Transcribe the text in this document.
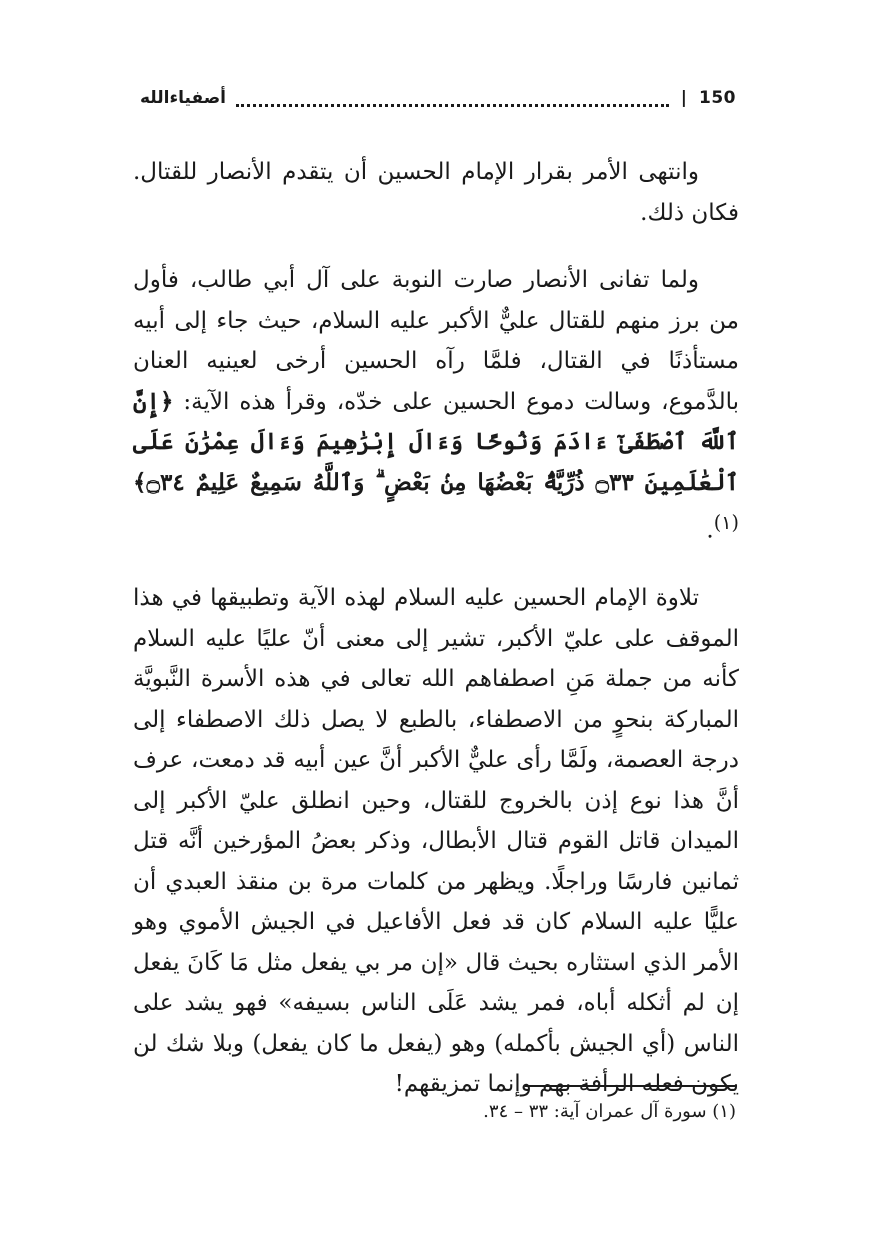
150
|
أصفياءالله

وانتهى الأمر بقرار الإمام الحسين أن يتقدم الأنصار للقتال. فكان ذلك.

ولما تفانى الأنصار صارت النوبة على آل أبي طالب، فأول من برز منهم للقتال عليٌّ الأكبر عليه السلام، حيث جاء إلى أبيه مستأذنًا في القتال، فلمَّا رآه الحسين أرخى لعينيه العنان بالدَّموع، وسالت دموع الحسين على خدّه، وقرأ هذه الآية: ﴿إِنَّ ٱللَّهَ ٱصْطَفَىٰٓ ءَادَمَ وَنُوحًا وَءَالَ إِبْرَٰهِيمَ وَءَالَ عِمْرَٰنَ عَلَى ٱلْعَٰلَمِينَ ۝٣٣ ذُرِّيَّةًۢ بَعْضُهَا مِنۢ بَعْضٍ ۗ وَٱللَّهُ سَمِيعٌ عَلِيمٌ ۝٣٤﴾$^{(١)}$.

تلاوة الإمام الحسين عليه السلام لهذه الآية وتطبيقها في هذا الموقف على عليّ الأكبر، تشير إلى معنى أنّ عليًا عليه السلام كأنه من جملة مَنِ اصطفاهم الله تعالى في هذه الأسرة النَّبويَّة المباركة بنحوٍ من الاصطفاء، بالطبع لا يصل ذلك الاصطفاء إلى درجة العصمة، ولَمَّا رأى عليٌّ الأكبر أنَّ عين أبيه قد دمعت، عرف أنَّ هذا نوع إذن بالخروج للقتال، وحين انطلق عليّ الأكبر إلى الميدان قاتل القوم قتال الأبطال، وذكر بعضُ المؤرخين أنَّه قتل ثمانين فارسًا وراجلًا. ويظهر من كلمات مرة بن منقذ العبدي أن عليًّا عليه السلام كان قد فعل الأفاعيل في الجيش الأموي وهو الأمر الذي استثاره بحيث قال «إن مر بي يفعل مثل مَا كَانَ يفعل إن لم أثكله أباه، فمر يشد عَلَى الناس بسيفه» فهو يشد على الناس (أي الجيش بأكمله) وهو (يفعل ما كان يفعل) وبلا شك لن يكون فعله الرأفة بهم وإنما تمزيقهم!

(١) سورة آل عمران آية: ٣٣ – ٣٤.
